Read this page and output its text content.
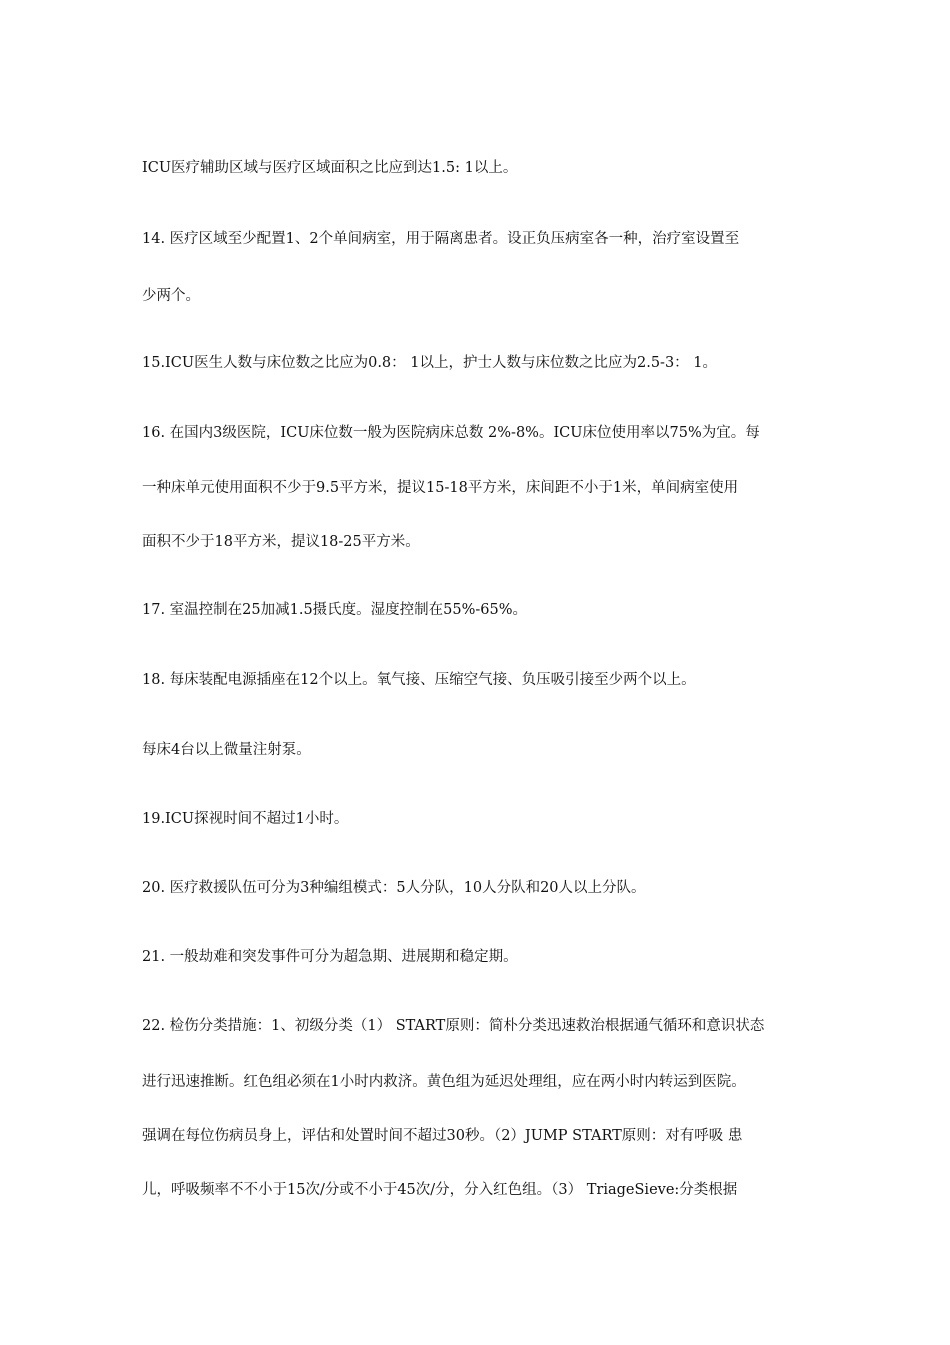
ICU医疗辅助区域与医疗区域面积之比应到达1.5: 1以上。
14. 医疗区域至少配置1、2个单间病室，用于隔离患者。设正负压病室各一种，治疗室设置至
少两个。
15.ICU医生人数与床位数之比应为0.8： 1以上，护士人数与床位数之比应为2.5-3： 1。
16. 在国内3级医院，ICU床位数一般为医院病床总数 2%-8%。ICU床位使用率以75%为宜。每
一种床单元使用面积不少于9.5平方米，提议15-18平方米，床间距不小于1米，单间病室使用
面积不少于18平方米，提议18-25平方米。
17. 室温控制在25加减1.5摄氏度。湿度控制在55%-65%。
18. 每床装配电源插座在12个以上。氧气接、压缩空气接、负压吸引接至少两个以上。
每床4台以上微量注射泵。
19.ICU探视时间不超过1小时。
20. 医疗救援队伍可分为3种编组模式：5人分队，10人分队和20人以上分队。
21. 一般劫难和突发事件可分为超急期、进展期和稳定期。
22. 检伤分类措施：1、初级分类（1） START原则：简朴分类迅速救治根据通气循环和意识状态
进行迅速推断。红色组必须在1小时内救济。黄色组为延迟处理组，应在两小时内转运到医院。
强调在每位伤病员身上，评估和处置时间不超过30秒。（2）JUMP START原则：对有呼吸 患
儿，呼吸频率不不小于15次/分或不小于45次/分，分入红色组。（3） TriageSieve:分类根据
